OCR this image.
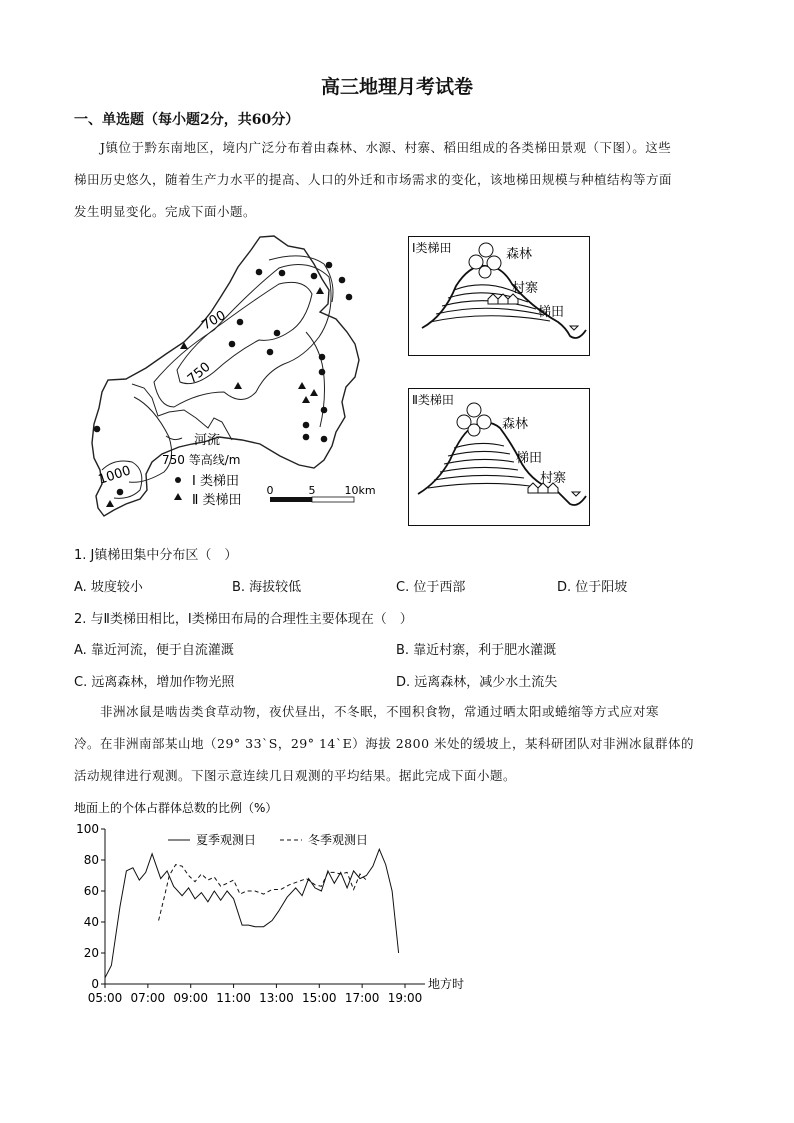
高三地理月考试卷
一、单选题（每小题2分，共60分）
J镇位于黔东南地区，境内广泛分布着由森林、水源、村寨、稻田组成的各类梯田景观（下图）。这些
梯田历史悠久，随着生产力水平的提高、人口的外迁和市场需求的变化，该地梯田规模与种植结构等方面
发生明显变化。完成下面小题。
700
750
1000
河流
750 等高线/m
Ⅰ 类梯田
Ⅱ 类梯田
0	5	10km
Ⅰ类梯田	森林
村寨
梯田
Ⅱ类梯田
森林
梯田
村寨
1. J镇梯田集中分布区（　）
A. 坡度较小	B. 海拔较低	C. 位于西部	D. 位于阳坡
2. 与Ⅱ类梯田相比，Ⅰ类梯田布局的合理性主要体现在（　）
A. 靠近河流，便于自流灌溉	B. 靠近村寨，利于肥水灌溉
C. 远离森林，增加作物光照	D. 远离森林，减少水土流失
非洲冰鼠是啮齿类食草动物，夜伏昼出，不冬眠，不囤积食物，常通过晒太阳或蜷缩等方式应对寒
冷。在非洲南部某山地（29° 33`S，29° 14`E）海拔 2800 米处的缓坡上，某科研团队对非洲冰鼠群体的
活动规律进行观测。下图示意连续几日观测的平均结果。据此完成下面小题。
地面上的个体占群体总数的比例（%）
0
20
40
60
80
100
05:00 07:00 09:00 11:00 13:00 15:00 17:00 19:00
夏季观测日	冬季观测日
地方时
